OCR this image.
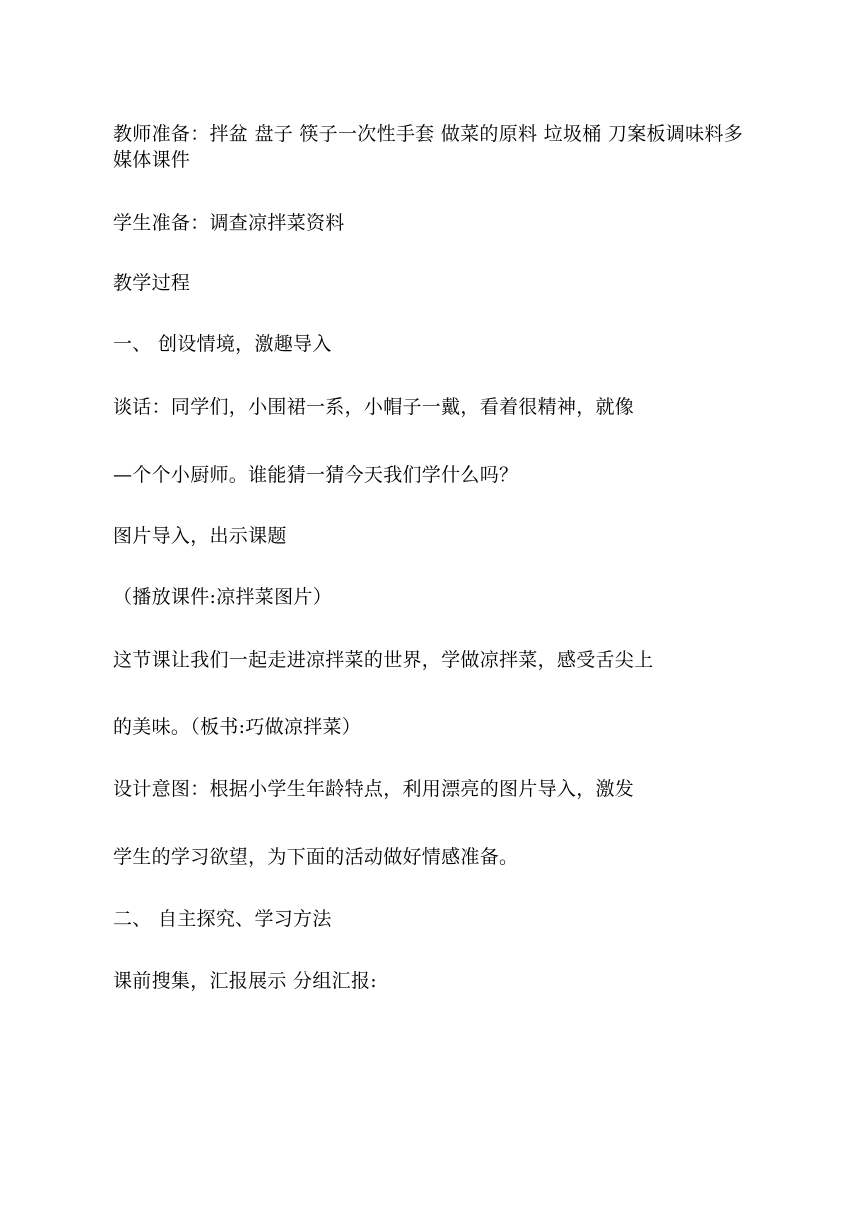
教师准备：拌盆 盘子 筷子一次性手套 做菜的原料 垃圾桶 刀案板调味料多媒体课件
学生准备：调查凉拌菜资料
教学过程
一、 创设情境，激趣导入
谈话：同学们，小围裙一系，小帽子一戴，看着很精神，就像
—个个小厨师。谁能猜一猜今天我们学什么吗？
图片导入，出示课题
（播放课件:凉拌菜图片）
这节课让我们一起走进凉拌菜的世界，学做凉拌菜，感受舌尖上
的美味。（板书:巧做凉拌菜）
设计意图：根据小学生年龄特点，利用漂亮的图片导入，激发
学生的学习欲望，为下面的活动做好情感准备。
二、 自主探究、学习方法
课前搜集，汇报展示 分组汇报:
